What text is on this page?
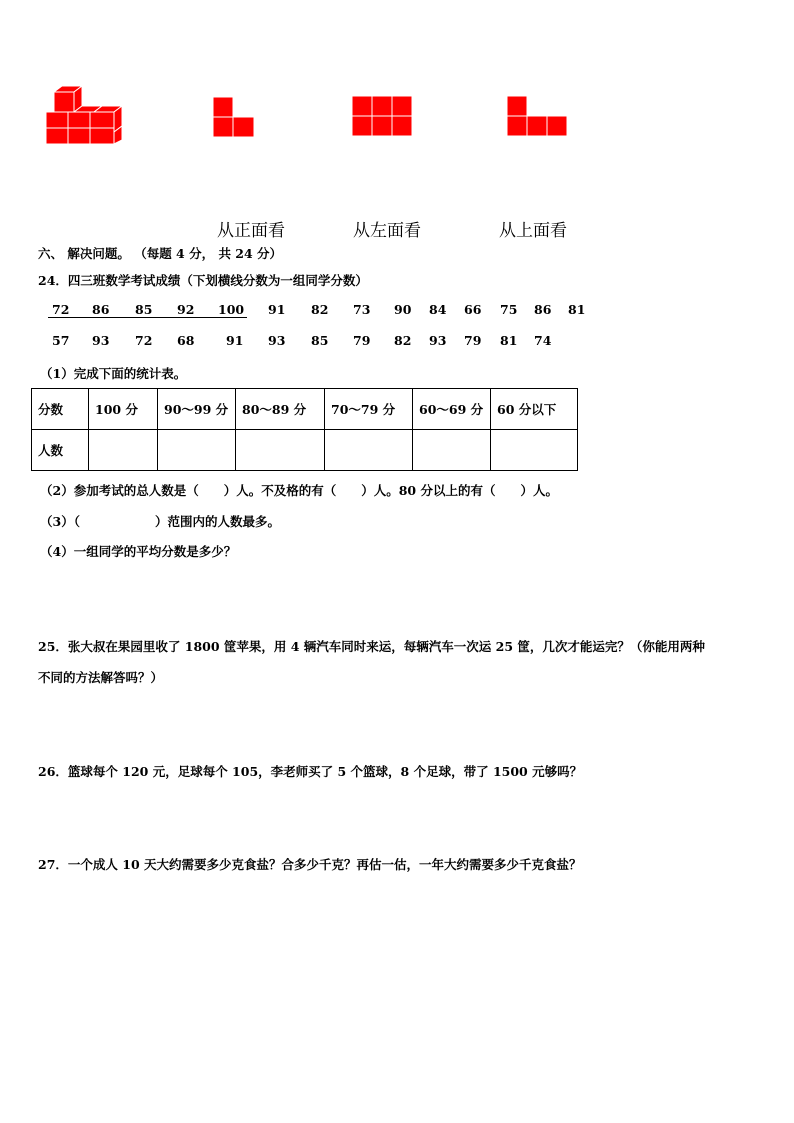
从正面看	从左面看	从上面看
六、 解决问题。 （每题 4 分， 共 24 分）
24．四三班数学考试成绩（下划横线分数为一组同学分数）
72 86 85 92 100 91 82 73 90 84 66 75 86 81
57 93 72 68	91 93 85 79 82 93 79 81 74
（1）完成下面的统计表。
分数	100 分	90～99 分	80～89 分	70～79 分	60～69 分	60 分以下
人数						
（2）参加考试的总人数是（　　）人。不及格的有（　　）人。80 分以上的有（　　）人。
（3）（　　　　　　）范围内的人数最多。
（4）一组同学的平均分数是多少？
25．张大叔在果园里收了 1800 筐苹果，用 4 辆汽车同时来运，每辆汽车一次运 25 筐，几次才能运完？（你能用两种
不同的方法解答吗？）
26．篮球每个 120 元，足球每个 105，李老师买了 5 个篮球，8 个足球，带了 1500 元够吗？
27．一个成人 10 天大约需要多少克食盐？合多少千克？再估一估，一年大约需要多少千克食盐？
